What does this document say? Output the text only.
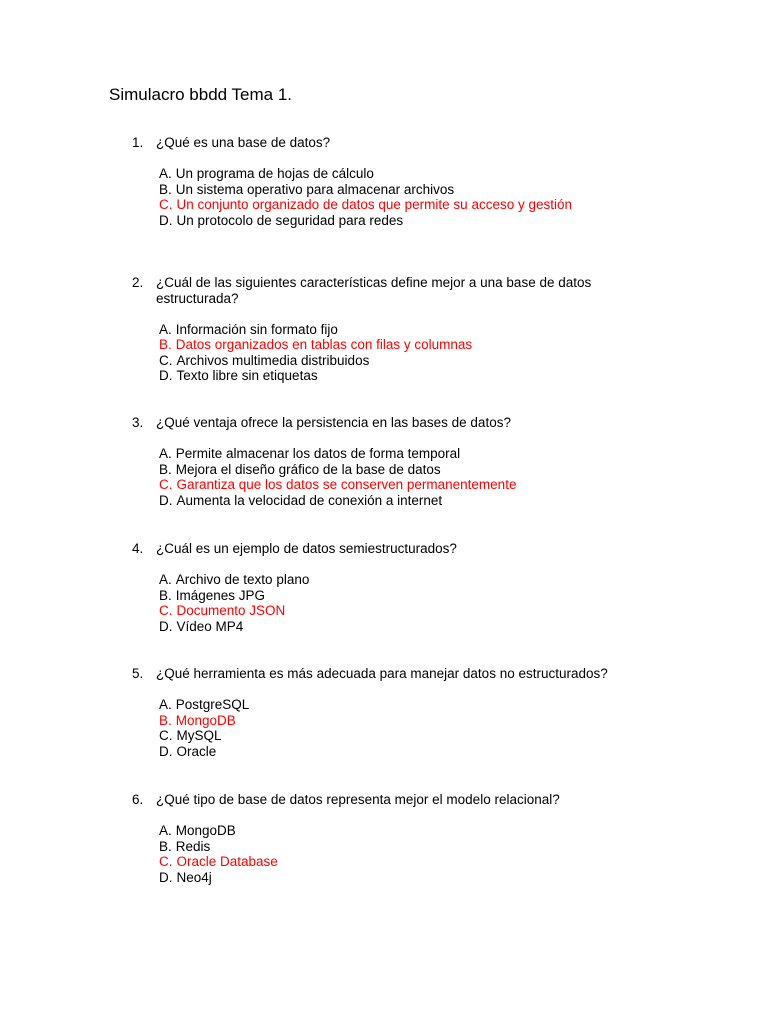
Simulacro bbdd Tema 1.
1. ¿Qué es una base de datos?
A. Un programa de hojas de cálculo
B. Un sistema operativo para almacenar archivos
C. Un conjunto organizado de datos que permite su acceso y gestión
D. Un protocolo de seguridad para redes
2. ¿Cuál de las siguientes características define mejor a una base de datos estructurada?
A. Información sin formato fijo
B. Datos organizados en tablas con filas y columnas
C. Archivos multimedia distribuidos
D. Texto libre sin etiquetas
3. ¿Qué ventaja ofrece la persistencia en las bases de datos?
A. Permite almacenar los datos de forma temporal
B. Mejora el diseño gráfico de la base de datos
C. Garantiza que los datos se conserven permanentemente
D. Aumenta la velocidad de conexión a internet
4. ¿Cuál es un ejemplo de datos semiestructurados?
A. Archivo de texto plano
B. Imágenes JPG
C. Documento JSON
D. Vídeo MP4
5. ¿Qué herramienta es más adecuada para manejar datos no estructurados?
A. PostgreSQL
B. MongoDB
C. MySQL
D. Oracle
6. ¿Qué tipo de base de datos representa mejor el modelo relacional?
A. MongoDB
B. Redis
C. Oracle Database
D. Neo4j
